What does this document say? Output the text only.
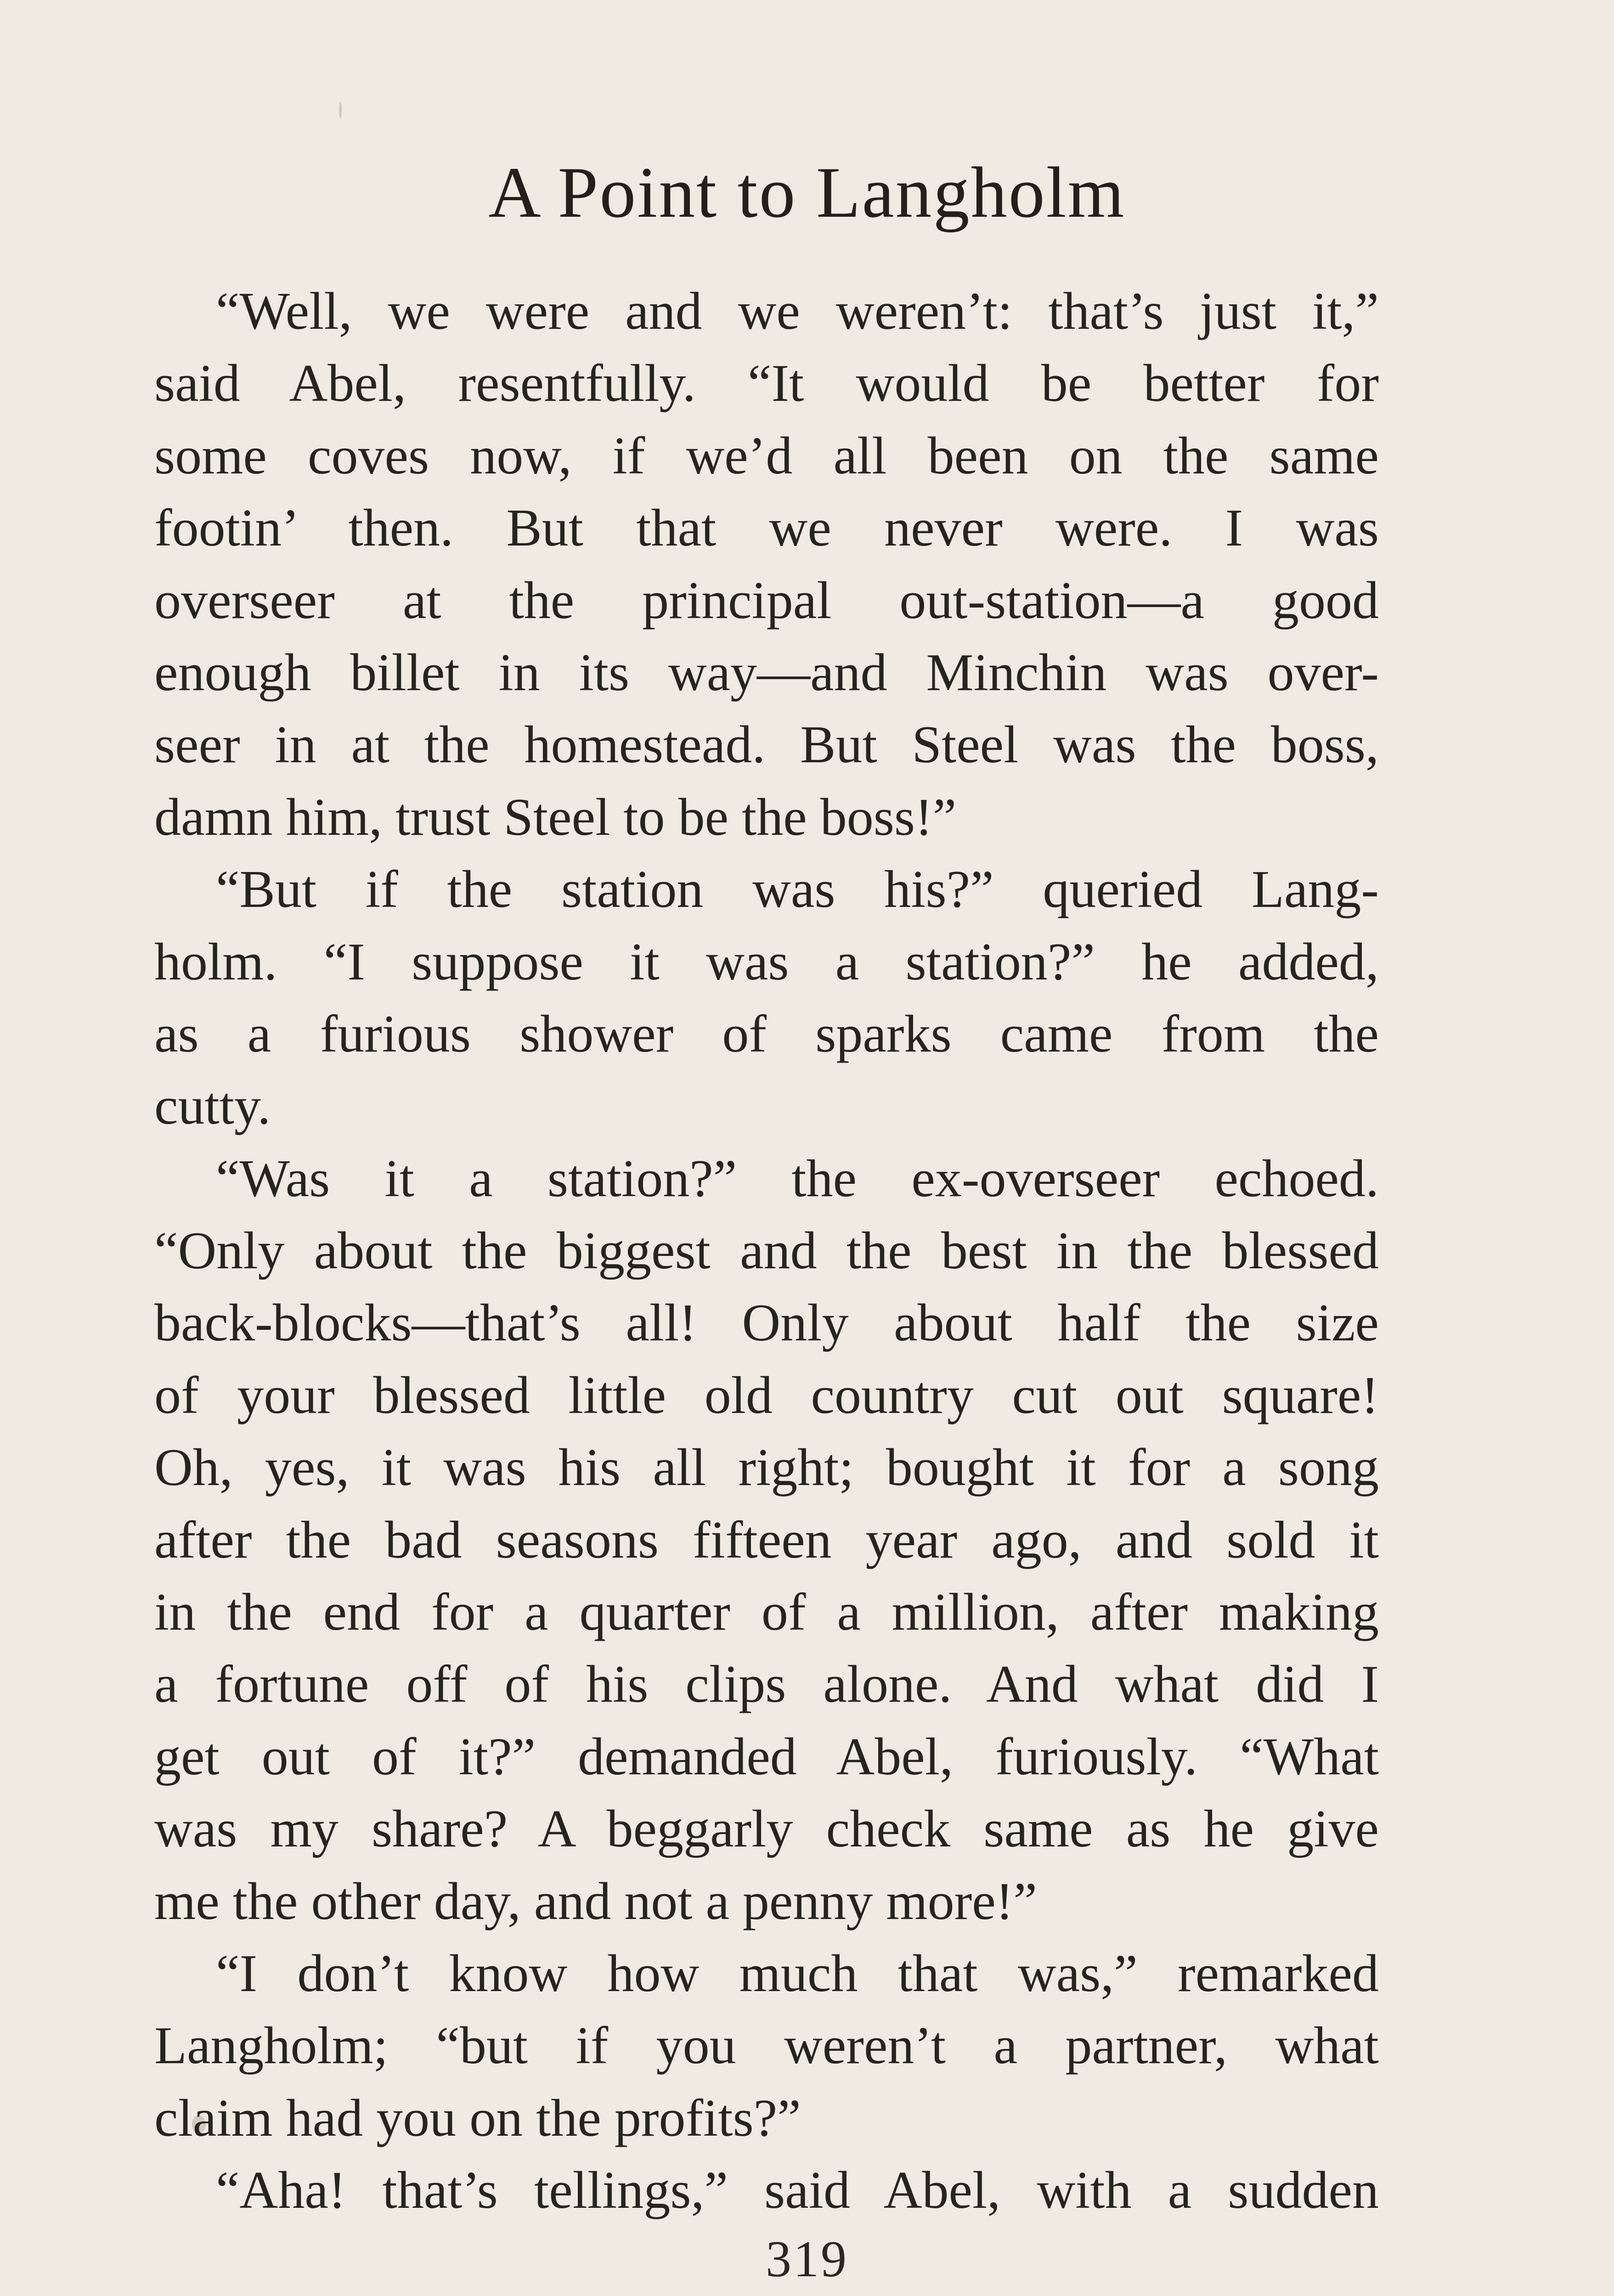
A Point to Langholm
“Well, we were and we weren’t: that’s just it,”
said Abel, resentfully. “It would be better for
some coves now, if we’d all been on the same
footin’ then. But that we never were. I was
overseer at the principal out-station—a good
enough billet in its way—and Minchin was over-
seer in at the homestead. But Steel was the boss,
damn him, trust Steel to be the boss!”
“But if the station was his?” queried Lang-
holm. “I suppose it was a station?” he added,
as a furious shower of sparks came from the
cutty.
“Was it a station?” the ex-overseer echoed.
“Only about the biggest and the best in the blessed
back-blocks—that’s all! Only about half the size
of your blessed little old country cut out square!
Oh, yes, it was his all right; bought it for a song
after the bad seasons fifteen year ago, and sold it
in the end for a quarter of a million, after making
a fortune off of his clips alone. And what did I
get out of it?” demanded Abel, furiously. “What
was my share? A beggarly check same as he give
me the other day, and not a penny more!”
“I don’t know how much that was,” remarked
Langholm; “but if you weren’t a partner, what
claim had you on the profits?”
“Aha! that’s tellings,” said Abel, with a sudden
319
